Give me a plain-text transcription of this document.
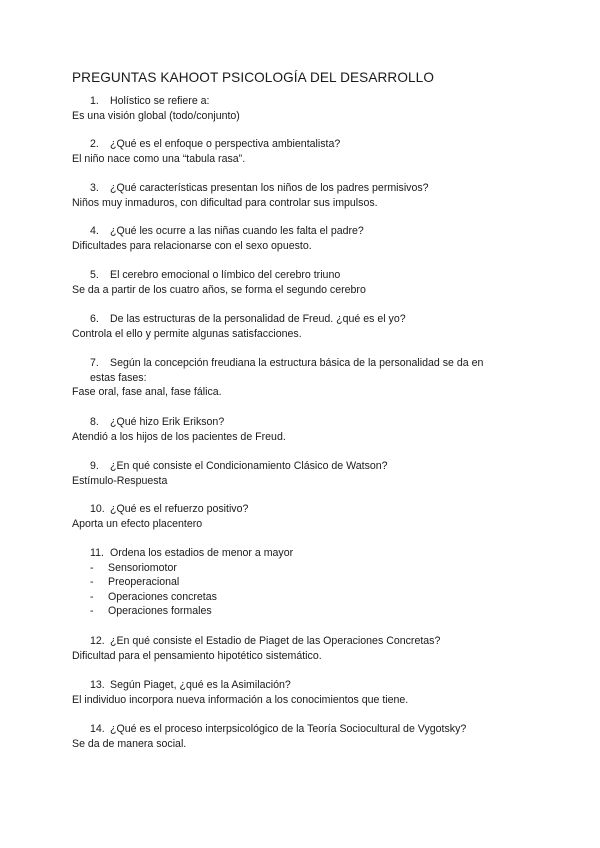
PREGUNTAS KAHOOT PSICOLOGÍA DEL DESARROLLO
1. Holístico se refiere a:
Es una visión global (todo/conjunto)
2. ¿Qué es el enfoque o perspectiva ambientalista?
El niño nace como una “tabula rasa”.
3. ¿Qué características presentan los niños de los padres permisivos?
Niños muy inmaduros, con dificultad para controlar sus impulsos.
4. ¿Qué les ocurre a las niñas cuando les falta el padre?
Dificultades para relacionarse con el sexo opuesto.
5. El cerebro emocional o límbico del cerebro triuno
Se da a partir de los cuatro años, se forma el segundo cerebro
6. De las estructuras de la personalidad de Freud. ¿qué es el yo?
Controla el ello y permite algunas satisfacciones.
7. Según la concepción freudiana la estructura básica de la personalidad se da en
estas fases:
Fase oral, fase anal, fase fálica.
8. ¿Qué hizo Erik Erikson?
Atendió a los hijos de los pacientes de Freud.
9. ¿En qué consiste el Condicionamiento Clásico de Watson?
Estímulo-Respuesta
10. ¿Qué es el refuerzo positivo?
Aporta un efecto placentero
11. Ordena los estadios de menor a mayor
- Sensoriomotor
- Preoperacional
- Operaciones concretas
- Operaciones formales
12. ¿En qué consiste el Estadio de Piaget de las Operaciones Concretas?
Dificultad para el pensamiento hipotético sistemático.
13. Según Piaget, ¿qué es la Asimilación?
El individuo incorpora nueva información a los conocimientos que tiene.
14. ¿Qué es el proceso interpsicológico de la Teoría Sociocultural de Vygotsky?
Se da de manera social.
